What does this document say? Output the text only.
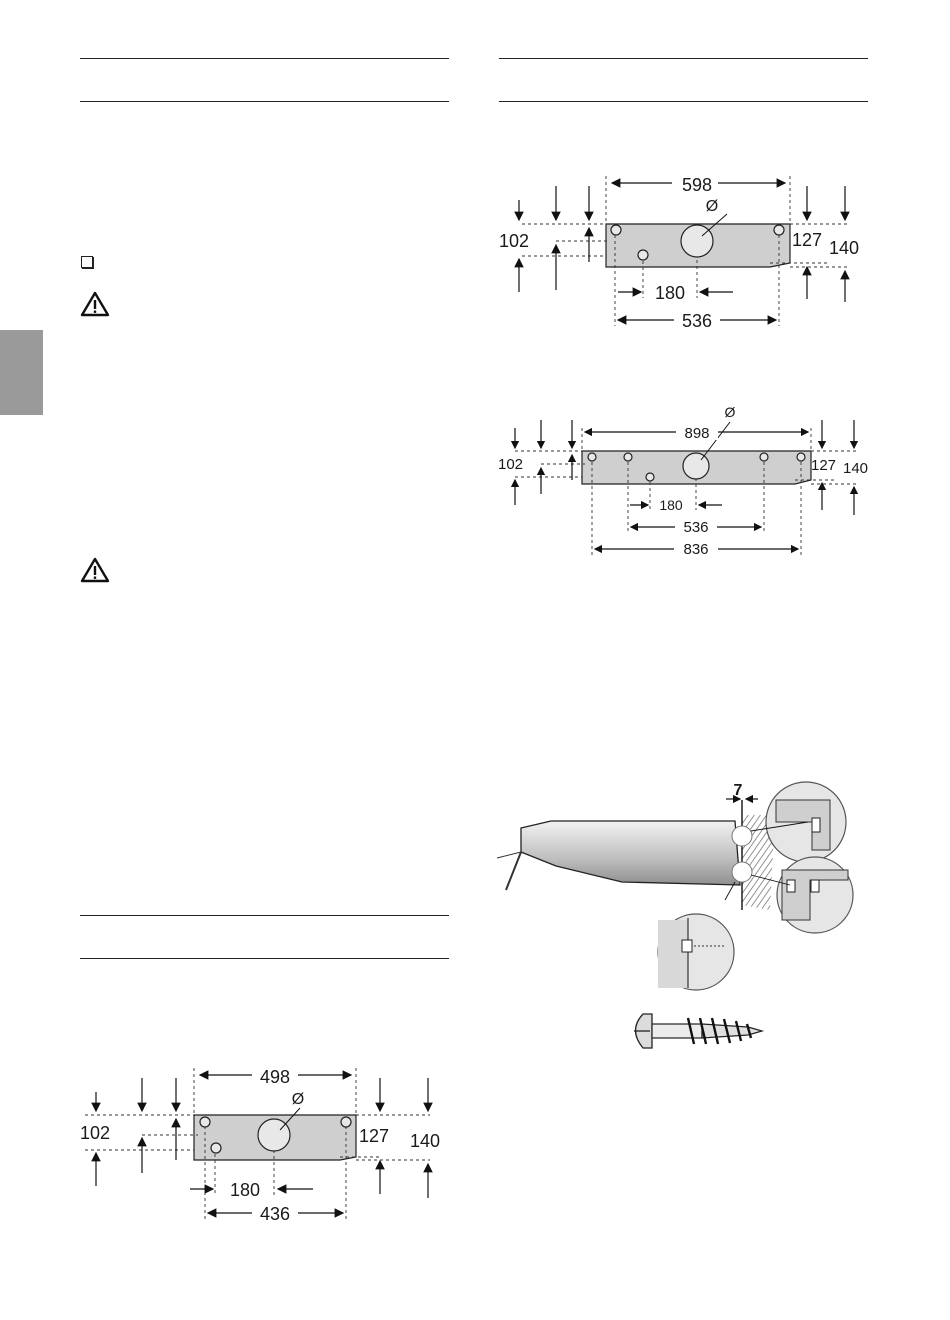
598
Ø
102	127 140
180
536
Ø
898
102	127 140
180
536
836
7
498
Ø
102	127 140
180
436
